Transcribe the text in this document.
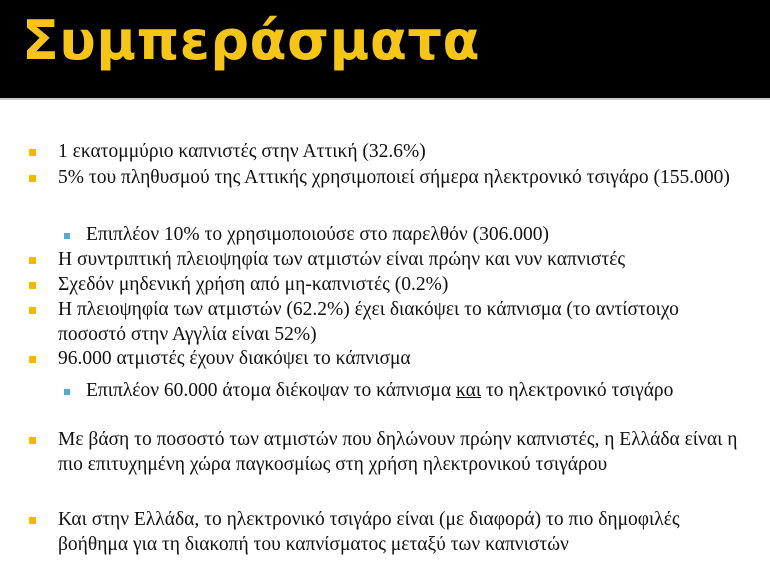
Συμπεράσματα
1 εκατομμύριο καπνιστές στην Αττική (32.6%)
5% του πληθυσμού της Αττικής χρησιμοποιεί σήμερα ηλεκτρονικό τσιγάρο (155.000)
Επιπλέον 10% το χρησιμοποιούσε στο παρελθόν (306.000)
Η συντριπτική πλειοψηφία των ατμιστών είναι πρώην και νυν καπνιστές
Σχεδόν μηδενική χρήση από μη-καπνιστές (0.2%)
Η πλειοψηφία των ατμιστών (62.2%) έχει διακόψει το κάπνισμα (το αντίστοιχο ποσοστό στην Αγγλία είναι 52%)
96.000 ατμιστές έχουν διακόψει το κάπνισμα
Επιπλέον 60.000 άτομα διέκοψαν το κάπνισμα και το ηλεκτρονικό τσιγάρο
Με βάση το ποσοστό των ατμιστών που δηλώνουν πρώην καπνιστές, η Ελλάδα είναι η πιο επιτυχημένη χώρα παγκοσμίως στη χρήση ηλεκτρονικού τσιγάρου
Και στην Ελλάδα, το ηλεκτρονικό τσιγάρο είναι (με διαφορά) το πιο δημοφιλές βοήθημα για τη διακοπή του καπνίσματος μεταξύ των καπνιστών
